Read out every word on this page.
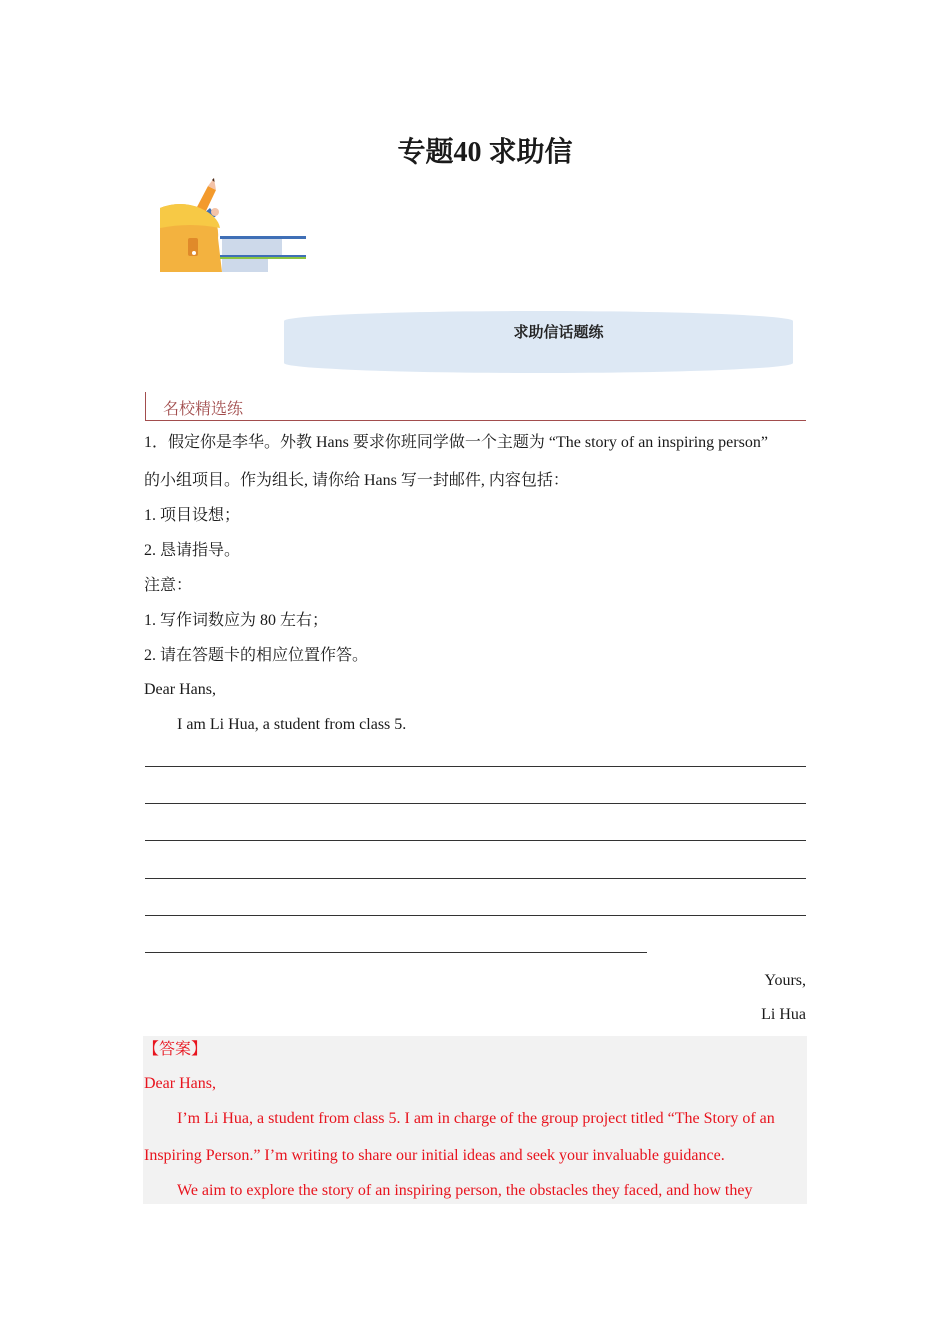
专题40 求助信
求助信话题练
名校精选练
1．假定你是李华。外教 Hans 要求你班同学做一个主题为 “The story of an inspiring person”
的小组项目。作为组长, 请你给 Hans 写一封邮件, 内容包括：
1. 项目设想；
2. 恳请指导。
注意：
1. 写作词数应为 80 左右；
2. 请在答题卡的相应位置作答。
Dear Hans,
I am Li Hua, a student from class 5.
Yours,
Li Hua
【答案】
Dear Hans,
I’m Li Hua, a student from class 5. I am in charge of the group project titled “The Story of an
Inspiring Person.” I’m writing to share our initial ideas and seek your invaluable guidance.
We aim to explore the story of an inspiring person, the obstacles they faced, and how they
